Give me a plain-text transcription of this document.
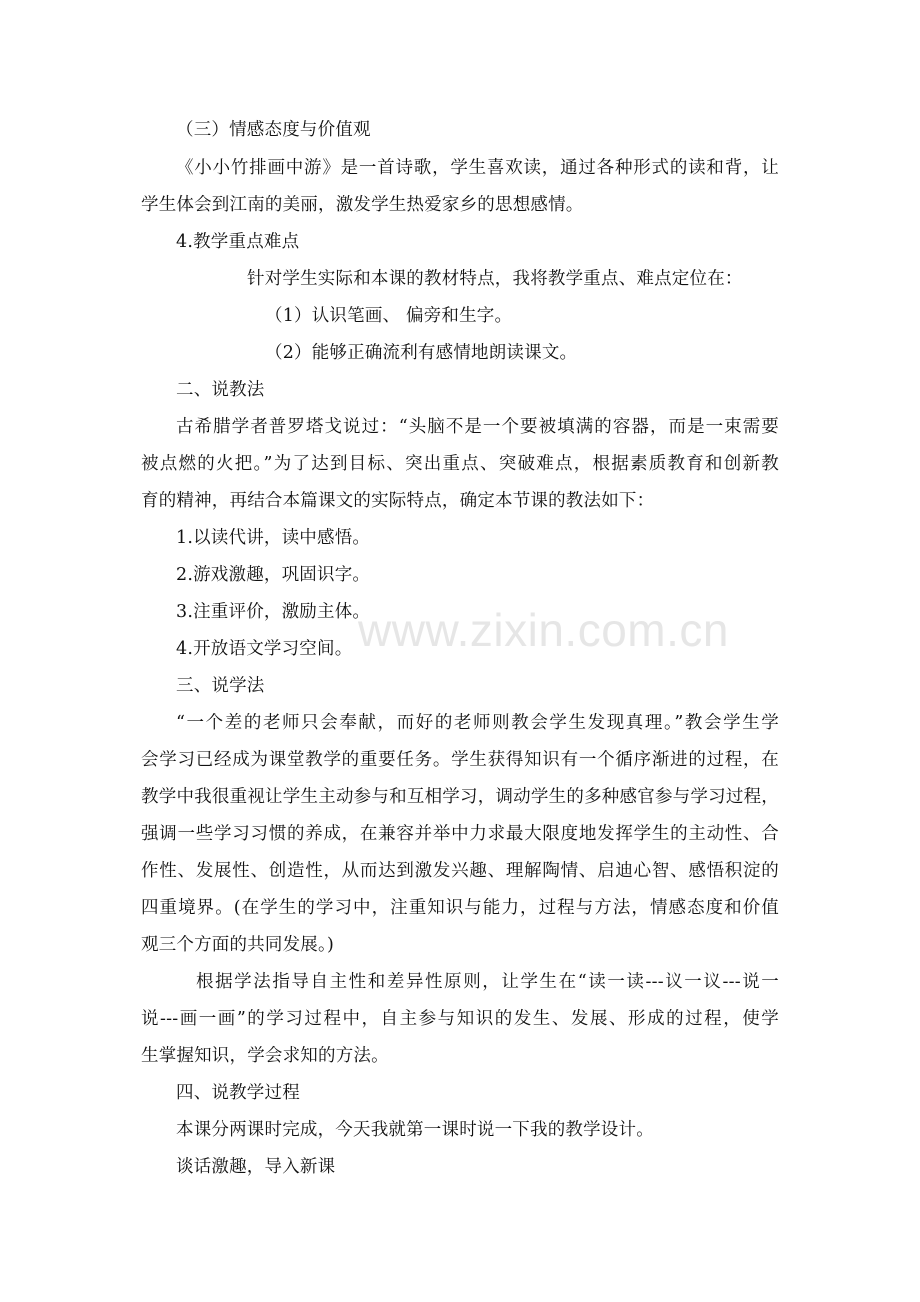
（三）情感态度与价值观
《小小竹排画中游》是一首诗歌，学生喜欢读，通过各种形式的读和背，让
学生体会到江南的美丽，激发学生热爱家乡的思想感情。
4.教学重点难点
针对学生实际和本课的教材特点，我将教学重点、难点定位在：
（1）认识笔画、 偏旁和生字。
（2）能够正确流利有感情地朗读课文。
二、说教法
古希腊学者普罗塔戈说过：“头脑不是一个要被填满的容器，而是一束需要
被点燃的火把。”为了达到目标、突出重点、突破难点，根据素质教育和创新教
育的精神，再结合本篇课文的实际特点，确定本节课的教法如下：
1.以读代讲，读中感悟。
2.游戏激趣，巩固识字。
3.注重评价，激励主体。
4.开放语文学习空间。
三、说学法
“一个差的老师只会奉献，而好的老师则教会学生发现真理。”教会学生学
会学习已经成为课堂教学的重要任务。学生获得知识有一个循序渐进的过程，在
教学中我很重视让学生主动参与和互相学习，调动学生的多种感官参与学习过程，
强调一些学习习惯的养成，在兼容并举中力求最大限度地发挥学生的主动性、合
作性、发展性、创造性，从而达到激发兴趣、理解陶情、启迪心智、感悟积淀的
四重境界。(在学生的学习中，注重知识与能力，过程与方法，情感态度和价值
观三个方面的共同发展。)
根据学法指导自主性和差异性原则，让学生在“读一读---议一议---说一
说---画一画”的学习过程中，自主参与知识的发生、发展、形成的过程，使学
生掌握知识，学会求知的方法。
四、说教学过程
本课分两课时完成，今天我就第一课时说一下我的教学设计。
谈话激趣，导入新课
www.zixin.com.cn
